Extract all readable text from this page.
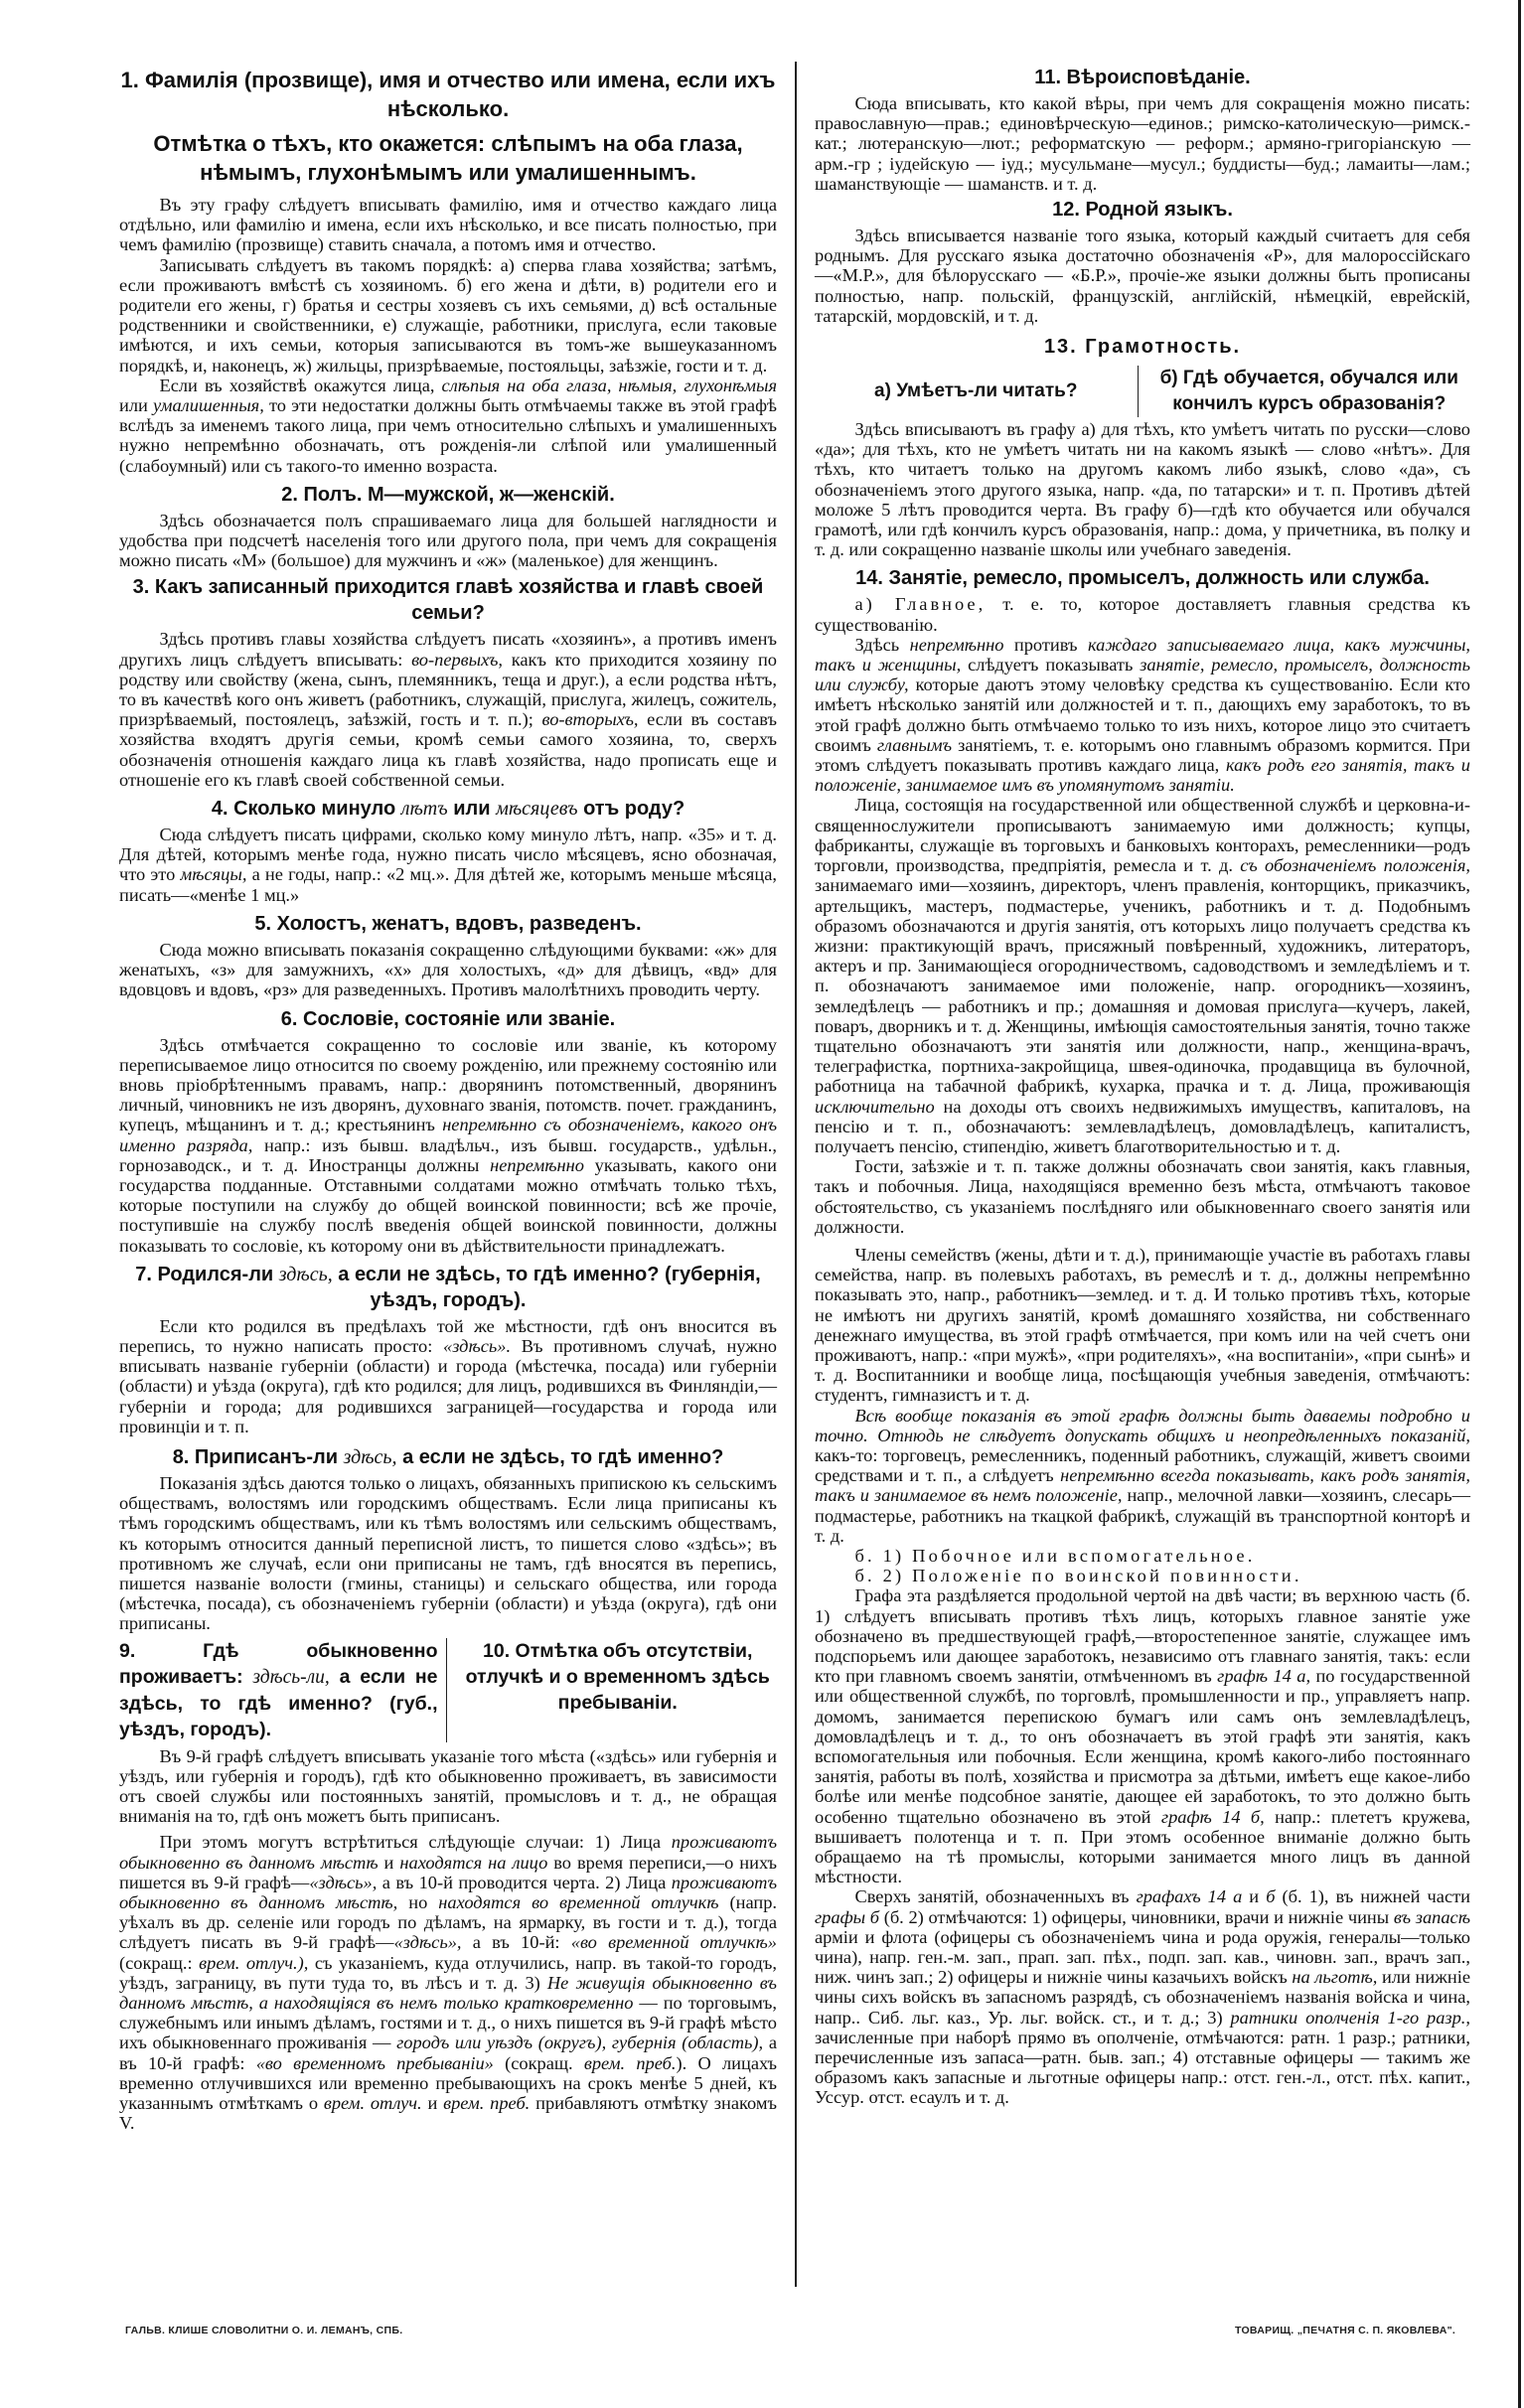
1. Фамилія (прозвище), имя и отчество или имена, если ихъ нѣсколько.
Отмѣтка о тѣхъ, кто окажется: слѣпымъ на оба глаза, нѣмымъ, глухонѣмымъ или умалишеннымъ.

Въ эту графу слѣдуетъ вписывать фамилію, имя и отчество каждаго лица отдѣльно, или фамилію и имена, если ихъ нѣсколько, и все писать полностью, при чемъ фамилію (прозвище) ставить сначала, а потомъ имя и отчество.

Записывать слѣдуетъ въ такомъ порядкѣ: а) сперва глава хозяйства; затѣмъ, если проживаютъ вмѣстѣ съ хозяиномъ. б) его жена и дѣти, в) родители его и родители его жены, г) братья и сестры хозяевъ съ ихъ семьями, д) всѣ остальные родственники и свойственники, е) служащіе, работники, прислуга, если таковые имѣются, и ихъ семьи, которыя записываются въ томъ-же вышеуказанномъ порядкѣ, и, наконецъ, ж) жильцы, призрѣваемые, постояльцы, заѣзжіе, гости и т. д.

Если въ хозяйствѣ окажутся лица, слѣпыя на оба глаза, нѣмыя, глухонѣмыя или умалишенныя, то эти недостатки должны быть отмѣчаемы также въ этой графѣ вслѣдъ за именемъ такого лица, при чемъ относительно слѣпыхъ и умалишенныхъ нужно непремѣнно обозначать, отъ рожденія-ли слѣпой или умалишенный (слабоумный) или съ такого-то именно возраста.

2. Полъ. М—мужской, ж—женскій.

Здѣсь обозначается полъ спрашиваемаго лица для большей наглядности и удобства при подсчетѣ населенія того или другого пола, при чемъ для сокращенія можно писать «М» (большое) для мужчинъ и «ж» (маленькое) для женщинъ.

3. Какъ записанный приходится главѣ хозяйства и главѣ своей семьи?

Здѣсь противъ главы хозяйства слѣдуетъ писать «хозяинъ», а противъ именъ другихъ лицъ слѣдуетъ вписывать: во-первыхъ, какъ кто приходится хозяину по родству или свойству (жена, сынъ, племянникъ, теща и друг.), а если родства нѣтъ, то въ качествѣ кого онъ живетъ (работникъ, служащій, прислуга, жилецъ, сожитель, призрѣваемый, постоялецъ, заѣзжій, гость и т. п.); во-вторыхъ, если въ составъ хозяйства входятъ другія семьи, кромѣ семьи самого хозяина, то, сверхъ обозначенія отношенія каждаго лица къ главѣ хозяйства, надо прописать еще и отношеніе его къ главѣ своей собственной семьи.

4. Сколько минуло лѣтъ или мѣсяцевъ отъ роду?

Сюда слѣдуетъ писать цифрами, сколько кому минуло лѣтъ, напр. «35» и т. д. Для дѣтей, которымъ менѣе года, нужно писать число мѣсяцевъ, ясно обозначая, что это мѣсяцы, а не годы, напр.: «2 мц.». Для дѣтей же, которымъ меньше мѣсяца, писать—«менѣе 1 мц.»

5. Холостъ, женатъ, вдовъ, разведенъ.

Сюда можно вписывать показанія сокращенно слѣдующими буквами: «ж» для женатыхъ, «з» для замужнихъ, «х» для холостыхъ, «д» для дѣвицъ, «вд» для вдовцовъ и вдовъ, «рз» для разведенныхъ. Противъ малолѣтнихъ проводить черту.

6. Сословіе, состояніе или званіе.

Здѣсь отмѣчается сокращенно то сословіе или званіе, къ которому переписываемое лицо относится по своему рожденію, или прежнему состоянію или вновь пріобрѣтеннымъ правамъ, напр.: дворянинъ потомственный, дворянинъ личный, чиновникъ не изъ дворянъ, духовнаго званія, потомств. почет. гражданинъ, купецъ, мѣщанинъ и т. д.; крестьянинъ непремѣнно съ обозначеніемъ, какого онъ именно разряда, напр.: изъ бывш. владѣльч., изъ бывш. государств., удѣльн., горнозаводск., и т. д. Иностранцы должны непремѣнно указывать, какого они государства подданные. Отставными солдатами можно отмѣчать только тѣхъ, которые поступили на службу до общей воинской повинности; всѣ же прочіе, поступившіе на службу послѣ введенія общей воинской повинности, должны показывать то сословіе, къ которому они въ дѣйствительности принадлежатъ.

7. Родился-ли здѣсь, а если не здѣсь, то гдѣ именно? (губернія, уѣздъ, городъ).

Если кто родился въ предѣлахъ той же мѣстности, гдѣ онъ вносится въ перепись, то нужно написать просто: «здѣсь». Въ противномъ случаѣ, нужно вписывать названіе губерніи (области) и города (мѣстечка, посада) или губерніи (области) и уѣзда (округа), гдѣ кто родился; для лицъ, родившихся въ Финляндіи,—губерніи и города; для родившихся заграницей—государства и города или провинціи и т. п.

8. Приписанъ-ли здѣсь, а если не здѣсь, то гдѣ именно?

Показанія здѣсь даются только о лицахъ, обязанныхъ припискою къ сельскимъ обществамъ, волостямъ или городскимъ обществамъ. Если лица приписаны къ тѣмъ городскимъ обществамъ, или къ тѣмъ волостямъ или сельскимъ обществамъ, къ которымъ относится данный переписной листъ, то пишется слово «здѣсь»; въ противномъ же случаѣ, если они приписаны не тамъ, гдѣ вносятся въ перепись, пишется названіе волости (гмины, станицы) и сельскаго общества, или города (мѣстечка, посада), съ обозначеніемъ губерніи (области) и уѣзда (округа), гдѣ они приписаны.

9. Гдѣ обыкновенно проживаетъ: здѣсь-ли, а если не здѣсь, то гдѣ именно? (губ., уѣздъ, городъ).
10. Отмѣтка объ отсутствіи, отлучкѣ и о временномъ здѣсь пребываніи.

Въ 9-й графѣ слѣдуетъ вписывать указаніе того мѣста («здѣсь» или губернія и уѣздъ, или губернія и городъ), гдѣ кто обыкновенно проживаетъ, въ зависимости отъ своей службы или постоянныхъ занятій, промысловъ и т. д., не обращая вниманія на то, гдѣ онъ можетъ быть приписанъ.

При этомъ могутъ встрѣтиться слѣдующіе случаи: 1) Лица проживаютъ обыкновенно въ данномъ мѣстѣ и находятся на лицо во время переписи,—о нихъ пишется въ 9-й графѣ—«здѣсь», а въ 10-й проводится черта. 2) Лица проживаютъ обыкновенно въ данномъ мѣстѣ, но находятся во временной отлучкѣ (напр. уѣхалъ въ др. селеніе или городъ по дѣламъ, на ярмарку, въ гости и т. д.), тогда слѣдуетъ писать въ 9-й графѣ—«здѣсь», а въ 10-й: «во временной отлучкѣ» (сокращ.: врем. отлуч.), съ указаніемъ, куда отлучились, напр. въ такой-то городъ, уѣздъ, заграницу, въ пути туда то, въ лѣсъ и т. д. 3) Не живущія обыкновенно въ данномъ мѣстѣ, а находящіяся въ немъ только кратковременно — по торговымъ, служебнымъ или инымъ дѣламъ, гостями и т. д., о нихъ пишется въ 9-й графѣ мѣсто ихъ обыкновеннаго проживанія — городъ или уѣздъ (округъ), губернія (область), а въ 10-й графѣ: «во временномъ пребываніи» (сокращ. врем. преб.). О лицахъ временно отлучившихся или временно пребывающихъ на срокъ менѣе 5 дней, къ указаннымъ отмѣткамъ о врем. отлуч. и врем. преб. прибавляютъ отмѣтку знакомъ V.

11. Вѣроисповѣданіе.

Сюда вписывать, кто какой вѣры, при чемъ для сокращенія можно писать: православную—прав.; единовѣрческую—единов.; римско-католическую—римск.-кат.; лютеранскую—лют.; реформатскую — реформ.; армяно-григоріанскую — арм.-гр ; іудейскую — іуд.; мусульмане—мусул.; буддисты—буд.; ламаиты—лам.; шаманствующіе — шаманств. и т. д.

12. Родной языкъ.

Здѣсь вписывается названіе того языка, который каждый считаетъ для себя роднымъ. Для русскаго языка достаточно обозначенія «Р», для малороссійскаго—«М.Р.», для бѣлорусскаго — «Б.Р.», прочіе-же языки должны быть прописаны полностью, напр. польскій, французскій, англійскій, нѣмецкій, еврейскій, татарскій, мордовскій, и т. д.

13. Грамотность.
а) Умѣетъ-ли читать?
б) Гдѣ обучается, обучался или кончилъ курсъ образованія?

Здѣсь вписываютъ въ графу а) для тѣхъ, кто умѣетъ читать по русски—слово «да»; для тѣхъ, кто не умѣетъ читать ни на какомъ языкѣ — слово «нѣтъ». Для тѣхъ, кто читаетъ только на другомъ какомъ либо языкѣ, слово «да», съ обозначеніемъ этого другого языка, напр. «да, по татарски» и т. п. Противъ дѣтей моложе 5 лѣтъ проводится черта. Въ графу б)—гдѣ кто обучается или обучался грамотѣ, или гдѣ кончилъ курсъ образованія, напр.: дома, у причетника, въ полку и т. д. или сокращенно названіе школы или учебнаго заведенія.

14. Занятіе, ремесло, промыселъ, должность или служба.

а) Главное, т. е. то, которое доставляетъ главныя средства къ существованію.

Здѣсь непремѣнно противъ каждаго записываемаго лица, какъ мужчины, такъ и женщины, слѣдуетъ показывать занятіе, ремесло, промыселъ, должность или службу, которые даютъ этому человѣку средства къ существованію. Если кто имѣетъ нѣсколько занятій или должностей и т. п., дающихъ ему заработокъ, то въ этой графѣ должно быть отмѣчаемо только то изъ нихъ, которое лицо это считаетъ своимъ главнымъ занятіемъ, т. е. которымъ оно главнымъ образомъ кормится. При этомъ слѣдуетъ показывать противъ каждаго лица, какъ родъ его занятія, такъ и положеніе, занимаемое имъ въ упомянутомъ занятіи.

Лица, состоящія на государственной или общественной службѣ и церковна-и-священнослужители прописываютъ занимаемую ими должность; купцы, фабриканты, служащіе въ торговыхъ и банковыхъ конторахъ, ремесленники—родъ торговли, производства, предпріятія, ремесла и т. д. съ обозначеніемъ положенія, занимаемаго ими—хозяинъ, директоръ, членъ правленія, конторщикъ, приказчикъ, артельщикъ, мастеръ, подмастерье, ученикъ, работникъ и т. д. Подобнымъ образомъ обозначаются и другія занятія, отъ которыхъ лицо получаетъ средства къ жизни: практикующій врачъ, присяжный повѣренный, художникъ, литераторъ, актеръ и пр. Занимающіеся огородничествомъ, садоводствомъ и земледѣліемъ и т. п. обозначаютъ занимаемое ими положеніе, напр. огородникъ—хозяинъ, земледѣлецъ — работникъ и пр.; домашняя и домовая прислуга—кучеръ, лакей, поваръ, дворникъ и т. д. Женщины, имѣющія самостоятельныя занятія, точно также тщательно обозначаютъ эти занятія или должности, напр., женщина-врачъ, телеграфистка, портниха-закройщица, швея-одиночка, продавщица въ булочной, работница на табачной фабрикѣ, кухарка, прачка и т. д. Лица, проживающія исключительно на доходы отъ своихъ недвижимыхъ имуществъ, капиталовъ, на пенсію и т. п., обозначаютъ: землевладѣлецъ, домовладѣлецъ, капиталистъ, получаетъ пенсію, стипендію, живетъ благотворительностью и т. д.

Гости, заѣзжіе и т. п. также должны обозначать свои занятія, какъ главныя, такъ и побочныя. Лица, находящіяся временно безъ мѣста, отмѣчаютъ таковое обстоятельство, съ указаніемъ послѣдняго или обыкновеннаго своего занятія или должности.

Члены семействъ (жены, дѣти и т. д.), принимающіе участіе въ работахъ главы семейства, напр. въ полевыхъ работахъ, въ ремеслѣ и т. д., должны непремѣнно показывать это, напр., работникъ—землед. и т. д. И только противъ тѣхъ, которые не имѣютъ ни другихъ занятій, кромѣ домашняго хозяйства, ни собственнаго денежнаго имущества, въ этой графѣ отмѣчается, при комъ или на чей счетъ они проживаютъ, напр.: «при мужѣ», «при родителяхъ», «на воспитаніи», «при сынѣ» и т. д. Воспитанники и вообще лица, посѣщающія учебныя заведенія, отмѣчаютъ: студентъ, гимназистъ и т. д.

Всѣ вообще показанія въ этой графѣ должны быть даваемы подробно и точно. Отнюдь не слѣдуетъ допускать общихъ и неопредѣленныхъ показаній, какъ-то: торговецъ, ремесленникъ, поденный работникъ, служащій, живетъ своими средствами и т. п., а слѣдуетъ непремѣнно всегда показывать, какъ родъ занятія, такъ и занимаемое въ немъ положеніе, напр., мелочной лавки—хозяинъ, слесарь—подмастерье, работникъ на ткацкой фабрикѣ, служащій въ транспортной конторѣ и т. д.

б. 1) Побочное или вспомогательное.
б. 2) Положеніе по воинской повинности.

Графа эта раздѣляется продольной чертой на двѣ части; въ верхнюю часть (б. 1) слѣдуетъ вписывать противъ тѣхъ лицъ, которыхъ главное занятіе уже обозначено въ предшествующей графѣ,—второстепенное занятіе, служащее имъ подспорьемъ или дающее заработокъ, независимо отъ главнаго занятія, такъ: если кто при главномъ своемъ занятіи, отмѣченномъ въ графѣ 14 а, по государственной или общественной службѣ, по торговлѣ, промышленности и пр., управляетъ напр. домомъ, занимается перепискою бумагъ или самъ онъ землевладѣлецъ, домовладѣлецъ и т. д., то онъ обозначаетъ въ этой графѣ эти занятія, какъ вспомогательныя или побочныя. Если женщина, кромѣ какого-либо постояннаго занятія, работы въ полѣ, хозяйства и присмотра за дѣтьми, имѣетъ еще какое-либо болѣе или менѣе подсобное занятіе, дающее ей заработокъ, то это должно быть особенно тщательно обозначено въ этой графѣ 14 б, напр.: плететъ кружева, вышиваетъ полотенца и т. п. При этомъ особенное вниманіе должно быть обращаемо на тѣ промыслы, которыми занимается много лицъ въ данной мѣстности.

Сверхъ занятій, обозначенныхъ въ графахъ 14 а и б (б. 1), въ нижней части графы б (б. 2) отмѣчаются: 1) офицеры, чиновники, врачи и нижніе чины въ запасѣ арміи и флота (офицеры съ обозначеніемъ чина и рода оружія, генералы—только чина), напр. ген.-м. зап., прап. зап. пѣх., подп. зап. кав., чиновн. зап., врачъ зап., ниж. чинъ зап.; 2) офицеры и нижніе чины казачьихъ войскъ на льготѣ, или нижніе чины сихъ войскъ въ запасномъ разрядѣ, съ обозначеніемъ названія войска и чина, напр.. Сиб. льг. каз., Ур. льг. войск. ст., и т. д.; 3) ратники ополченія 1-го разр., зачисленные при наборѣ прямо въ ополченіе, отмѣчаются: ратн. 1 разр.; ратники, перечисленные изъ запаса—ратн. быв. зап.; 4) отставные офицеры — такимъ же образомъ какъ запасные и льготные офицеры напр.: отст. ген.-л., отст. пѣх. капит., Уссур. отст. есаулъ и т. д.

ГАЛЬВ. КЛИШЕ СЛОВОЛИТНИ О. И. ЛЕМАНЪ, СПБ.	ТОВАРИЩ. „ПЕЧАТНЯ С. П. ЯКОВЛЕВА".
